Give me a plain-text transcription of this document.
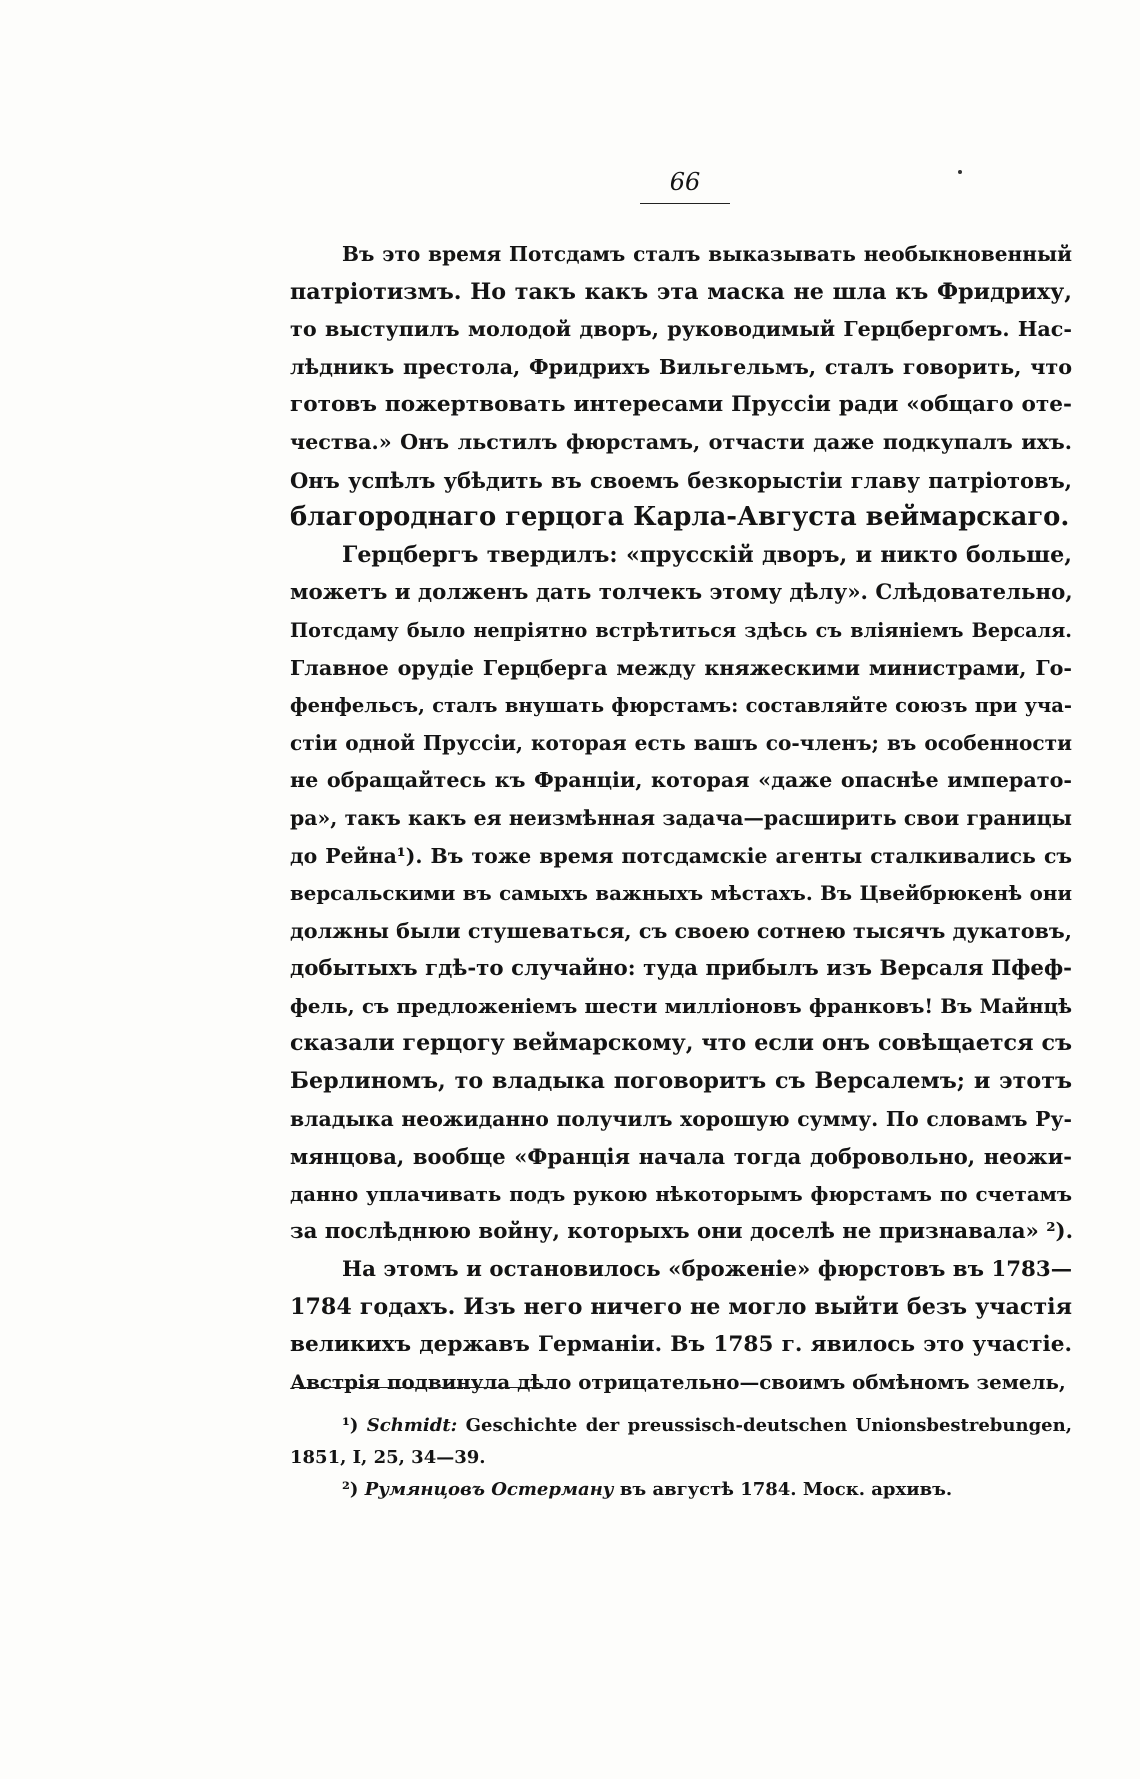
66

Въ это время Потсдамъ сталъ выказывать необыкновенный
патріотизмъ. Но такъ какъ эта маска не шла къ Фридриху,
то выступилъ молодой дворъ, руководимый Герцбергомъ. Нас-
лѣдникъ престола, Фридрихъ Вильгельмъ, сталъ говорить, что
готовъ пожертвовать интересами Пруссіи ради «общаго оте-
чества.» Онъ льстилъ фюрстамъ, отчасти даже подкупалъ ихъ.
Онъ успѣлъ убѣдить въ своемъ безкорыстіи главу патріотовъ,
благороднаго герцога Карла-Августа веймарскаго.

Герцбергъ твердилъ: «прусскій дворъ, и никто больше,
можетъ и долженъ дать толчекъ этому дѣлу». Слѣдовательно,
Потсдаму было непріятно встрѣтиться здѣсь съ вліяніемъ Версаля.
Главное орудіе Герцберга между княжескими министрами, Го-
фенфельсъ, сталъ внушать фюрстамъ: составляйте союзъ при уча-
стіи одной Пруссіи, которая есть вашъ со-членъ; въ особенности
не обращайтесь къ Франціи, которая «даже опаснѣе императо-
ра», такъ какъ ея неизмѣнная задача—расширить свои границы
до Рейна¹). Въ тоже время потсдамскіе агенты сталкивались съ
версальскими въ самыхъ важныхъ мѣстахъ. Въ Цвейбрюкенѣ они
должны были стушеваться, съ своею сотнею тысячъ дукатовъ,
добытыхъ гдѣ-то случайно: туда прибылъ изъ Версаля Пфеф-
фель, съ предложеніемъ шести милліоновъ франковъ! Въ Майнцѣ
сказали герцогу веймарскому, что если онъ совѣщается съ
Берлиномъ, то владыка поговоритъ съ Версалемъ; и этотъ
владыка неожиданно получилъ хорошую сумму. По словамъ Ру-
мянцова, вообще «Франція начала тогда добровольно, неожи-
данно уплачивать подъ рукою нѣкоторымъ фюрстамъ по счетамъ
за послѣднюю войну, которыхъ они доселѣ не признавала» ²).

На этомъ и остановилось «броженіе» фюрстовъ въ 1783—
1784 годахъ. Изъ него ничего не могло выйти безъ участія
великихъ державъ Германіи. Въ 1785 г. явилось это участіе.
Австрія подвинула дѣло отрицательно—своимъ обмѣномъ земель,

¹) Schmidt: Geschichte der preussisch-deutschen Unionsbestrebungen,
1851, I, 25, 34—39.
²) Румянцовъ Остерману въ августѣ 1784. Моск. архивъ.
